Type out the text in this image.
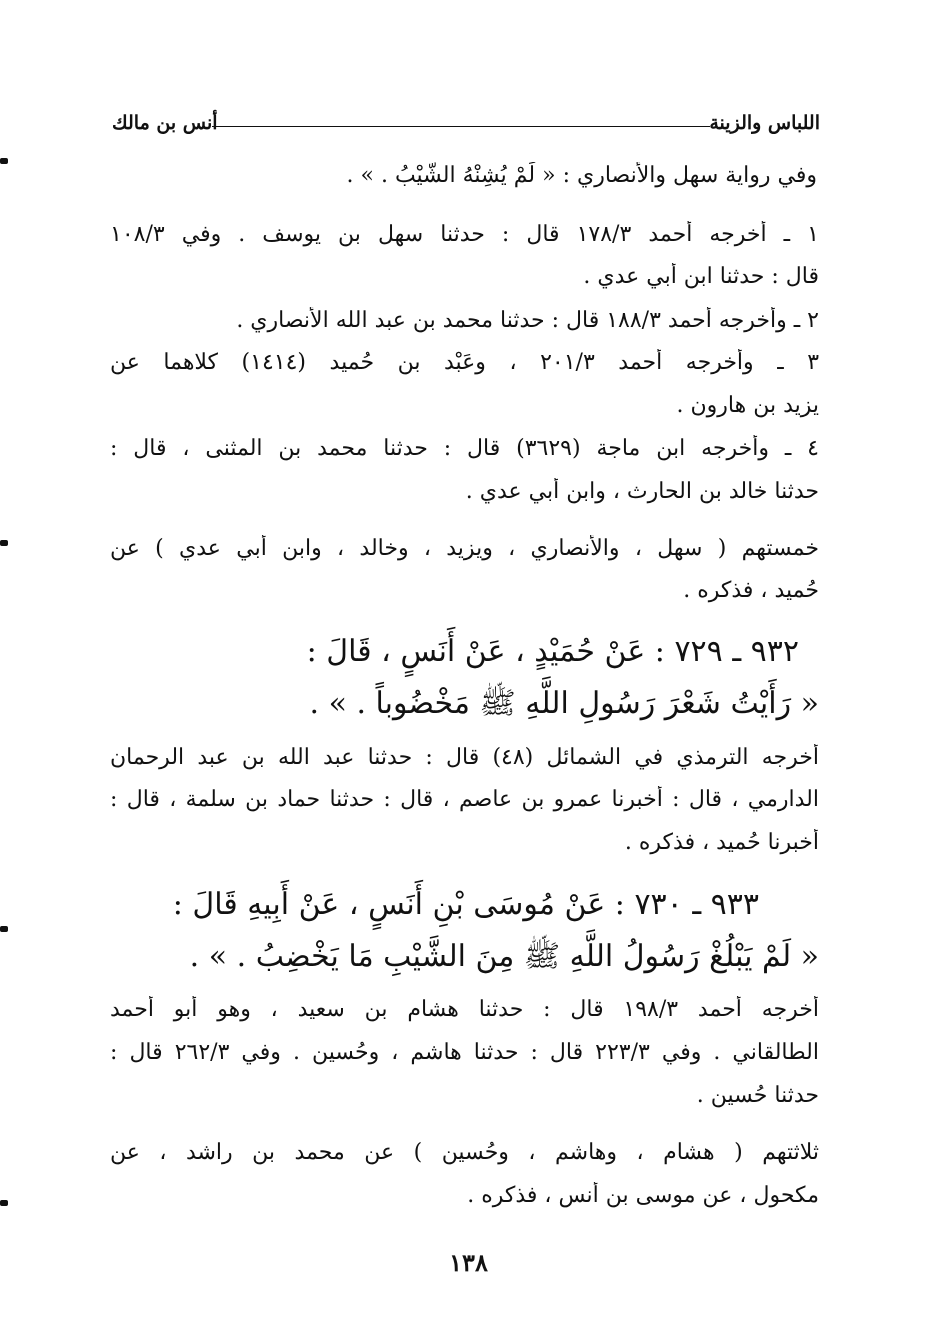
اللباس والزينة
أنس بن مالك
وفي رواية سهل والأنصاري : « لَمْ يُشِنْهُ الشَّيْبُ . » .
١ ـ أخرجه أحمد ١٧٨/٣ قال : حدثنا سهل بن يوسف . وفي ١٠٨/٣
قال : حدثنا ابن أبي عدي .
٢ ـ وأخرجه أحمد ١٨٨/٣ قال : حدثنا محمد بن عبد الله الأنصاري .
٣ ـ وأخرجه أحمد ٢٠١/٣ ، وعَبْد بن حُميد (١٤١٤) كلاهما عن
يزيد بن هارون .
٤ ـ وأخرجه ابن ماجة (٣٦٢٩) قال : حدثنا محمد بن المثنى ، قال :
حدثنا خالد بن الحارث ، وابن أبي عدي .
خمستهم ( سهل ، والأنصاري ، ويزيد ، وخالد ، وابن أبي عدي ) عن
حُميد ، فذكره .
٩٣٢ ـ ٧٢٩ : عَنْ حُمَيْدٍ ، عَنْ أَنَسٍ ، قَالَ :
« رَأَيْتُ شَعْرَ رَسُولِ اللَّهِ ﷺ مَخْضُوباً . » .
أخرجه الترمذي في الشمائل (٤٨) قال : حدثنا عبد الله بن عبد الرحمان
الدارمي ، قال : أخبرنا عمرو بن عاصم ، قال : حدثنا حماد بن سلمة ، قال :
أخبرنا حُميد ، فذكره .
٩٣٣ ـ ٧٣٠ : عَنْ مُوسَى بْنِ أَنَسٍ ، عَنْ أَبِيهِ قَالَ :
« لَمْ يَبْلُغْ رَسُولُ اللَّهِ ﷺ مِنَ الشَّيْبِ مَا يَخْضِبُ . » .
أخرجه أحمد ١٩٨/٣ قال : حدثنا هشام بن سعيد ، وهو أبو أحمد
الطالقاني . وفي ٢٢٣/٣ قال : حدثنا هاشم ، وحُسين . وفي ٢٦٢/٣ قال :
حدثنا حُسين .
ثلاثتهم ( هشام ، وهاشم ، وحُسين ) عن محمد بن راشد ، عن
مكحول ، عن موسى بن أنس ، فذكره .
١٣٨
